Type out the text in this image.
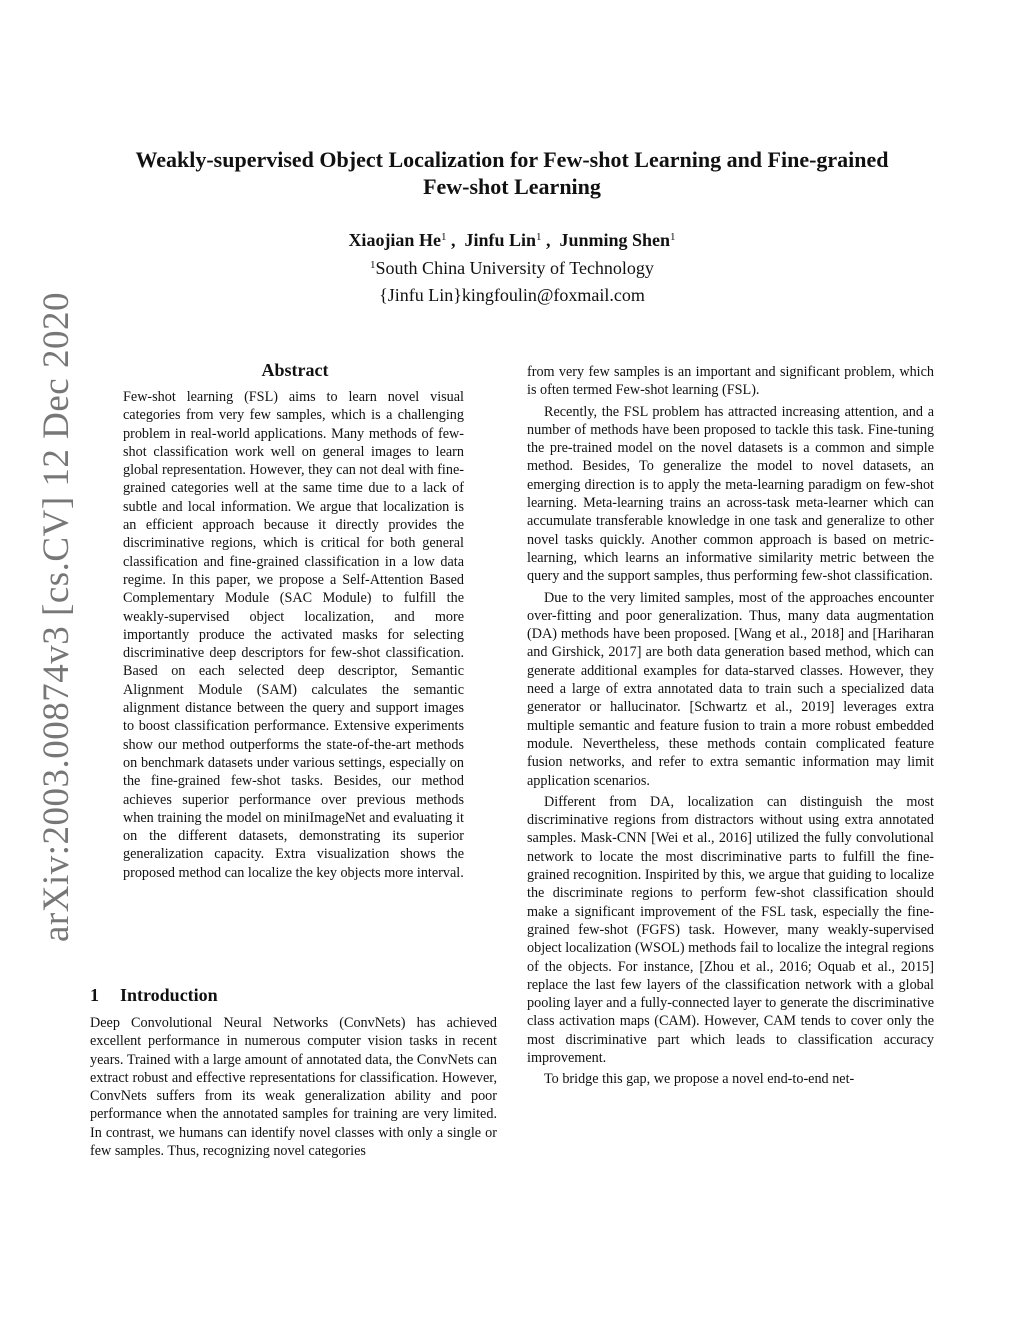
arXiv:2003.00874v3 [cs.CV] 12 Dec 2020
Weakly-supervised Object Localization for Few-shot Learning and Fine-grained
Few-shot Learning
Xiaojian He$^1$ ,  Jinfu Lin$^1$ ,  Junming Shen$^1$
$^1$South China University of Technology
{Jinfu Lin}kingfoulin@foxmail.com
Abstract

Few-shot learning (FSL) aims to learn novel visual categories from very few samples, which is a challenging problem in real-world applications. Many methods of few-shot classification work well on general images to learn global representation. However, they can not deal with fine-grained categories well at the same time due to a lack of subtle and local information. We argue that localization is an efficient approach because it directly provides the discriminative regions, which is critical for both general classification and fine-grained classification in a low data regime. In this paper, we propose a Self-Attention Based Complementary Module (SAC Module) to fulfill the weakly-supervised object localization, and more importantly produce the activated masks for selecting discriminative deep descriptors for few-shot classification. Based on each selected deep descriptor, Semantic Alignment Module (SAM) calculates the semantic alignment distance between the query and support images to boost classification performance. Extensive experiments show our method outperforms the state-of-the-art methods on benchmark datasets under various settings, especially on the fine-grained few-shot tasks. Besides, our method achieves superior performance over previous methods when training the model on miniImageNet and evaluating it on the different datasets, demonstrating its superior generalization capacity. Extra visualization shows the proposed method can localize the key objects more interval.

1 Introduction

Deep Convolutional Neural Networks (ConvNets) has achieved excellent performance in numerous computer vision tasks in recent years. Trained with a large amount of annotated data, the ConvNets can extract robust and effective representations for classification. However, ConvNets suffers from its weak generalization ability and poor performance when the annotated samples for training are very limited. In contrast, we humans can identify novel classes with only a single or few samples. Thus, recognizing novel categories

from very few samples is an important and significant problem, which is often termed Few-shot learning (FSL).

Recently, the FSL problem has attracted increasing attention, and a number of methods have been proposed to tackle this task. Fine-tuning the pre-trained model on the novel datasets is a common and simple method. Besides, To generalize the model to novel datasets, an emerging direction is to apply the meta-learning paradigm on few-shot learning. Meta-learning trains an across-task meta-learner which can accumulate transferable knowledge in one task and generalize to other novel tasks quickly. Another common approach is based on metric-learning, which learns an informative similarity metric between the query and the support samples, thus performing few-shot classification.

Due to the very limited samples, most of the approaches encounter over-fitting and poor generalization. Thus, many data augmentation (DA) methods have been proposed. [Wang et al., 2018] and [Hariharan and Girshick, 2017] are both data generation based method, which can generate additional examples for data-starved classes. However, they need a large of extra annotated data to train such a specialized data generator or hallucinator. [Schwartz et al., 2019] leverages extra multiple semantic and feature fusion to train a more robust embedded module. Nevertheless, these methods contain complicated feature fusion networks, and refer to extra semantic information may limit application scenarios.

Different from DA, localization can distinguish the most discriminative regions from distractors without using extra annotated samples. Mask-CNN [Wei et al., 2016] utilized the fully convolutional network to locate the most discriminative parts to fulfill the fine-grained recognition. Inspirited by this, we argue that guiding to localize the discriminate regions to perform few-shot classification should make a significant improvement of the FSL task, especially the fine-grained few-shot (FGFS) task. However, many weakly-supervised object localization (WSOL) methods fail to localize the integral regions of the objects. For instance, [Zhou et al., 2016; Oquab et al., 2015] replace the last few layers of the classification network with a global pooling layer and a fully-connected layer to generate the discriminative class activation maps (CAM). However, CAM tends to cover only the most discriminative part which leads to classification accuracy improvement.

To bridge this gap, we propose a novel end-to-end net-
